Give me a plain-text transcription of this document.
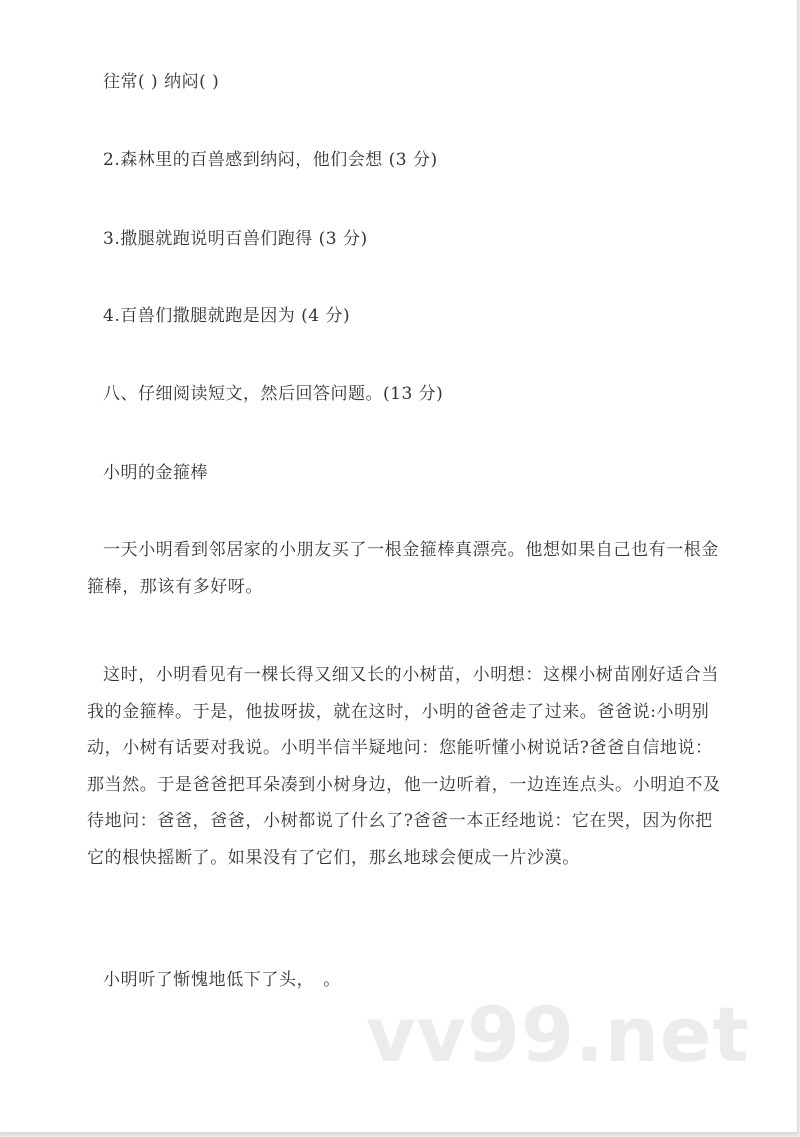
往常( ) 纳闷( )
2.森林里的百兽感到纳闷，他们会想 (3 分)
3.撒腿就跑说明百兽们跑得 (3 分)
4.百兽们撒腿就跑是因为 (4 分)
八、仔细阅读短文，然后回答问题。(13 分)
小明的金箍棒

一天小明看到邻居家的小朋友买了一根金箍棒真漂亮。他想如果自己也有一根金箍棒，那该有多好呀。

这时，小明看见有一棵长得又细又长的小树苗，小明想：这棵小树苗刚好适合当我的金箍棒。于是，他拔呀拔，就在这时，小明的爸爸走了过来。爸爸说:小明别动，小树有话要对我说。小明半信半疑地问：您能听懂小树说话?爸爸自信地说：那当然。于是爸爸把耳朵凑到小树身边，他一边听着，一边连连点头。小明迫不及待地问：爸爸，爸爸，小树都说了什幺了?爸爸一本正经地说：它在哭，因为你把它的根快摇断了。如果没有了它们，那幺地球会便成一片沙漠。

小明听了惭愧地低下了头，　。

vv99.net
